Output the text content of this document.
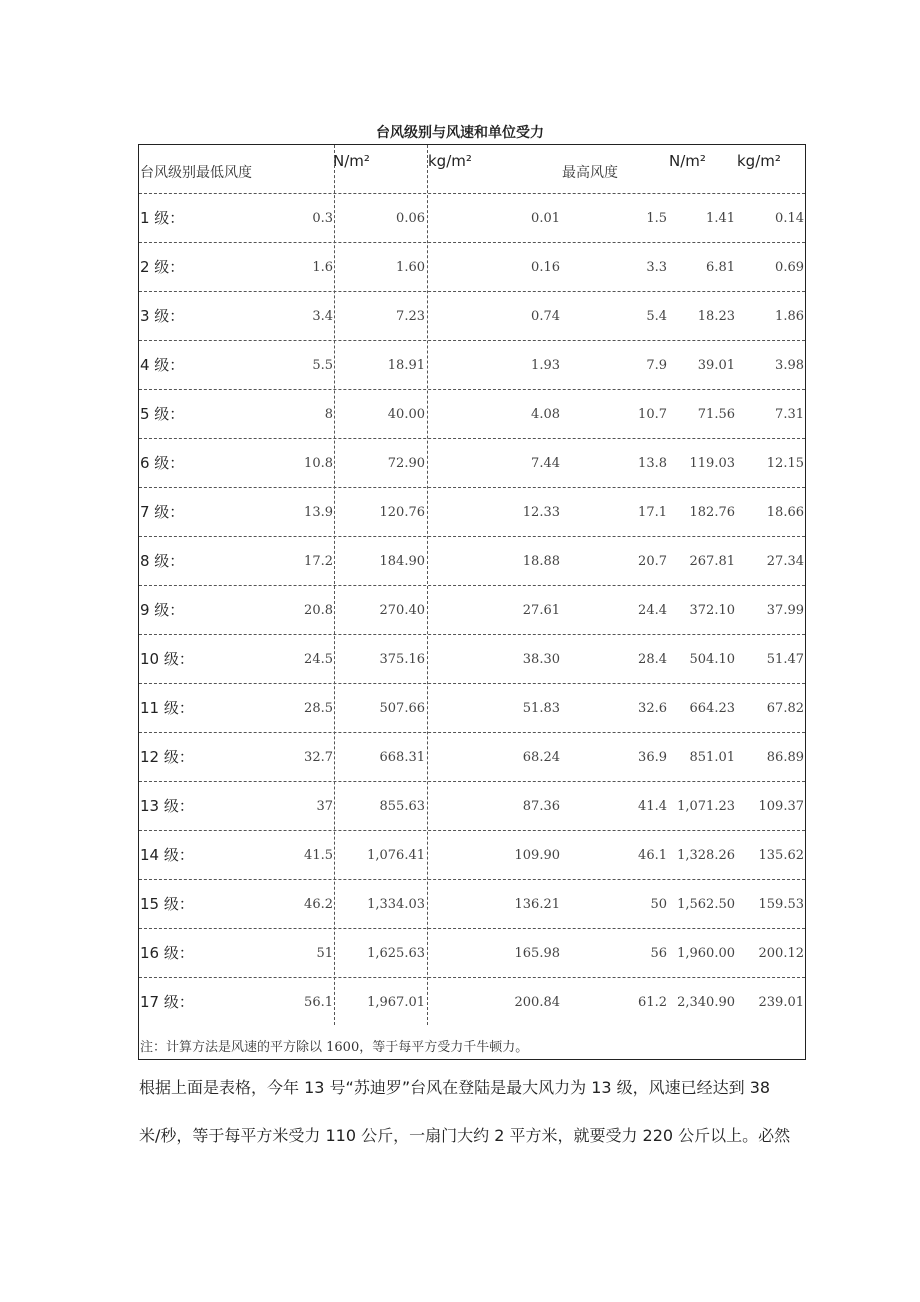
台风级别与风速和单位受力
台风级别最低风度
N/m²	kg/m²
最高风度
N/m² kg/m²
1 级：	0.3	0.06	0.01	1.5	1.41	0.14
2 级：	1.6	1.60	0.16	3.3	6.81	0.69
3 级：	3.4	7.23	0.74	5.4 18.23	1.86
4 级：	5.5	18.91	1.93	7.9 39.01	3.98
5 级：	8	40.00	4.08	10.7 71.56	7.31
6 级：	10.8	72.90	7.44	13.8 119.03 12.15
7 级：	13.9	120.76	12.33	17.1 182.76 18.66
8 级：	17.2	184.90	18.88	20.7 267.81 27.34
9 级：	20.8	270.40	27.61	24.4 372.10 37.99
10 级：	24.5	375.16	38.30	28.4 504.10 51.47
11 级：	28.5	507.66	51.83	32.6 664.23 67.82
12 级：	32.7	668.31	68.24	36.9 851.01 86.89
13 级：	37	855.63	87.36	41.4 1,071.23 109.37
14 级：	41.5	1,076.41	109.90	46.1 1,328.26 135.62
15 级：	46.2	1,334.03	136.21	50 1,562.50 159.53
16 级：	51	1,625.63	165.98	56 1,960.00 200.12
17 级：	56.1	1,967.01	200.84	61.2 2,340.90 239.01
注：计算方法是风速的平方除以 1600，等于每平方受力千牛顿力。
根据上面是表格，今年 13 号“苏迪罗”台风在登陆是最大风力为 13 级，风速已经达到 38
米/秒，等于每平方米受力 110 公斤，一扇门大约 2 平方米，就要受力 220 公斤以上。必然
